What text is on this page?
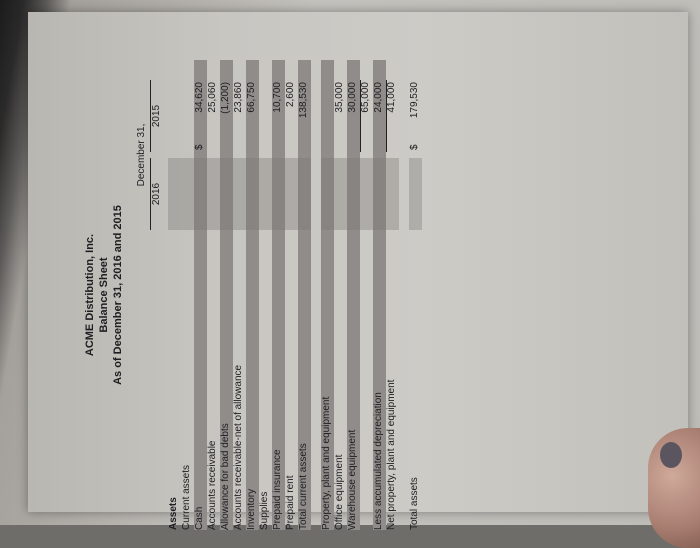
ACME Distribution, Inc. Balance Sheet As of December 31, 2016 and 2015
December 31,
2016
2015
Assets Current assets Cash
$
34,620
Accounts receivable
25,060
Allowance for bad debts
(1,200)
Accounts receivable-net of allowance
23,860
Inventory
66,750
Supplies Prepaid insurance
10,700
Prepaid rent
2,600
Total current assets
138,530
Property, plant and equipment Office equipment
35,000
Warehouse equipment
30,000 65,000
Less accumulated depreciation
24,000
Net property, plant and equipment
41,000
Total assets
$
179,530
